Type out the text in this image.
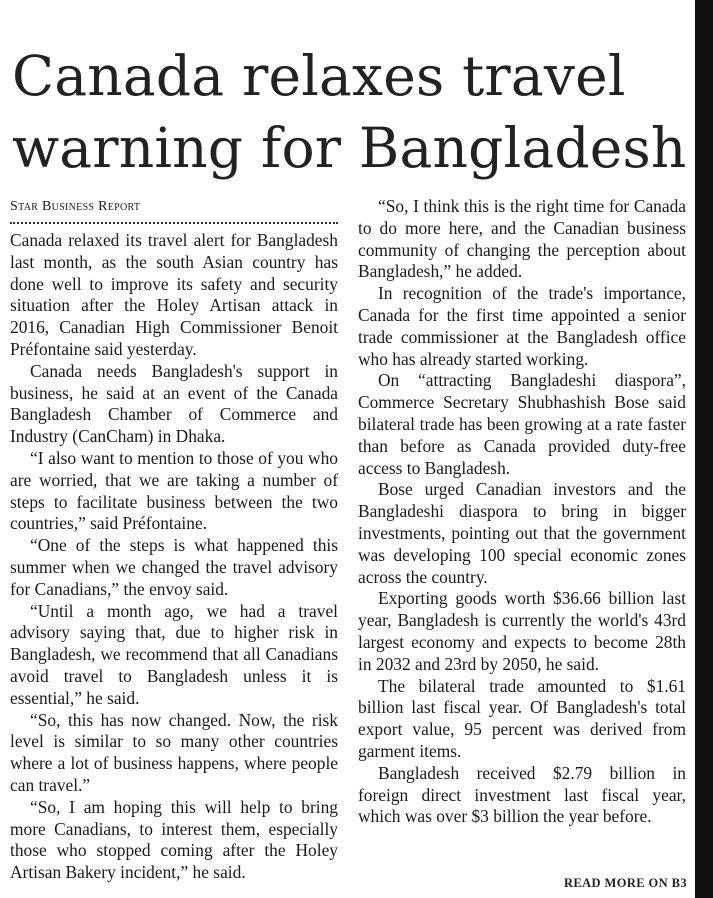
Canada relaxes travel warning for Bangladesh
Star Business Report

Canada relaxed its travel alert for Bangladesh last month, as the south Asian country has done well to improve its safety and security situation after the Holey Artisan attack in 2016, Canadian High Commissioner Benoit Préfontaine said yesterday.

Canada needs Bangladesh's support in business, he said at an event of the Canada Bangladesh Chamber of Commerce and Industry (CanCham) in Dhaka.

“I also want to mention to those of you who are worried, that we are taking a number of steps to facilitate business between the two countries,” said Préfontaine.

“One of the steps is what happened this summer when we changed the travel advisory for Canadians,” the envoy said.

“Until a month ago, we had a travel advisory saying that, due to higher risk in Bangladesh, we recommend that all Canadians avoid travel to Bangladesh unless it is essential,” he said.

“So, this has now changed. Now, the risk level is similar to so many other countries where a lot of business happens, where people can travel.”

“So, I am hoping this will help to bring more Canadians, to interest them, especially those who stopped coming after the Holey Artisan Bakery incident,” he said.

“So, I think this is the right time for Canada to do more here, and the Canadian business community of changing the perception about Bangladesh,” he added.

In recognition of the trade's importance, Canada for the first time appointed a senior trade commissioner at the Bangladesh office who has already started working.

On “attracting Bangladeshi diaspora”, Commerce Secretary Shubhashish Bose said bilateral trade has been growing at a rate faster than before as Canada provided duty-free access to Bangladesh.

Bose urged Canadian investors and the Bangladeshi diaspora to bring in bigger investments, pointing out that the government was developing 100 special economic zones across the country.

Exporting goods worth $36.66 billion last year, Bangladesh is currently the world's 43rd largest economy and expects to become 28th in 2032 and 23rd by 2050, he said.

The bilateral trade amounted to $1.61 billion last fiscal year. Of Bangladesh's total export value, 95 percent was derived from garment items.

Bangladesh received $2.79 billion in foreign direct investment last fiscal year, which was over $3 billion the year before.

READ MORE ON B3
